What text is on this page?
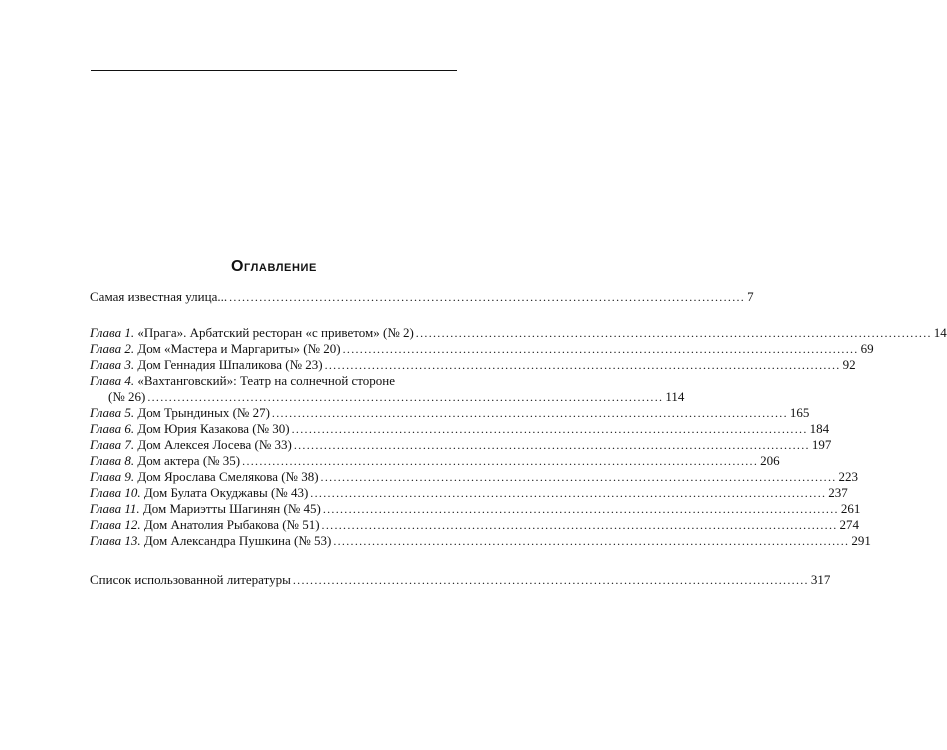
Оглавление
Самая известная улица... ........................................................................................................................ 7
Глава 1. «Прага». Арбатский ресторан «с приветом» (№ 2) ........................................................................................................................ 14
Глава 2. Дом «Мастера и Маргариты» (№ 20) ........................................................................................................................ 69
Глава 3. Дом Геннадия Шпаликова (№ 23) ........................................................................................................................ 92
Глава 4. «Вахтанговский»: Театр на солнечной стороне
(№ 26) ........................................................................................................................ 114
Глава 5. Дом Трындиных (№ 27) ........................................................................................................................ 165
Глава 6. Дом Юрия Казакова (№ 30) ........................................................................................................................ 184
Глава 7. Дом Алексея Лосева (№ 33) ........................................................................................................................ 197
Глава 8. Дом актера (№ 35) ........................................................................................................................ 206
Глава 9. Дом Ярослава Смелякова (№ 38) ........................................................................................................................ 223
Глава 10. Дом Булата Окуджавы (№ 43) ........................................................................................................................ 237
Глава 11. Дом Мариэтты Шагинян (№ 45) ........................................................................................................................ 261
Глава 12. Дом Анатолия Рыбакова (№ 51) ........................................................................................................................ 274
Глава 13. Дом Александра Пушкина (№ 53) ........................................................................................................................ 291
Список использованной литературы ........................................................................................................................ 317
